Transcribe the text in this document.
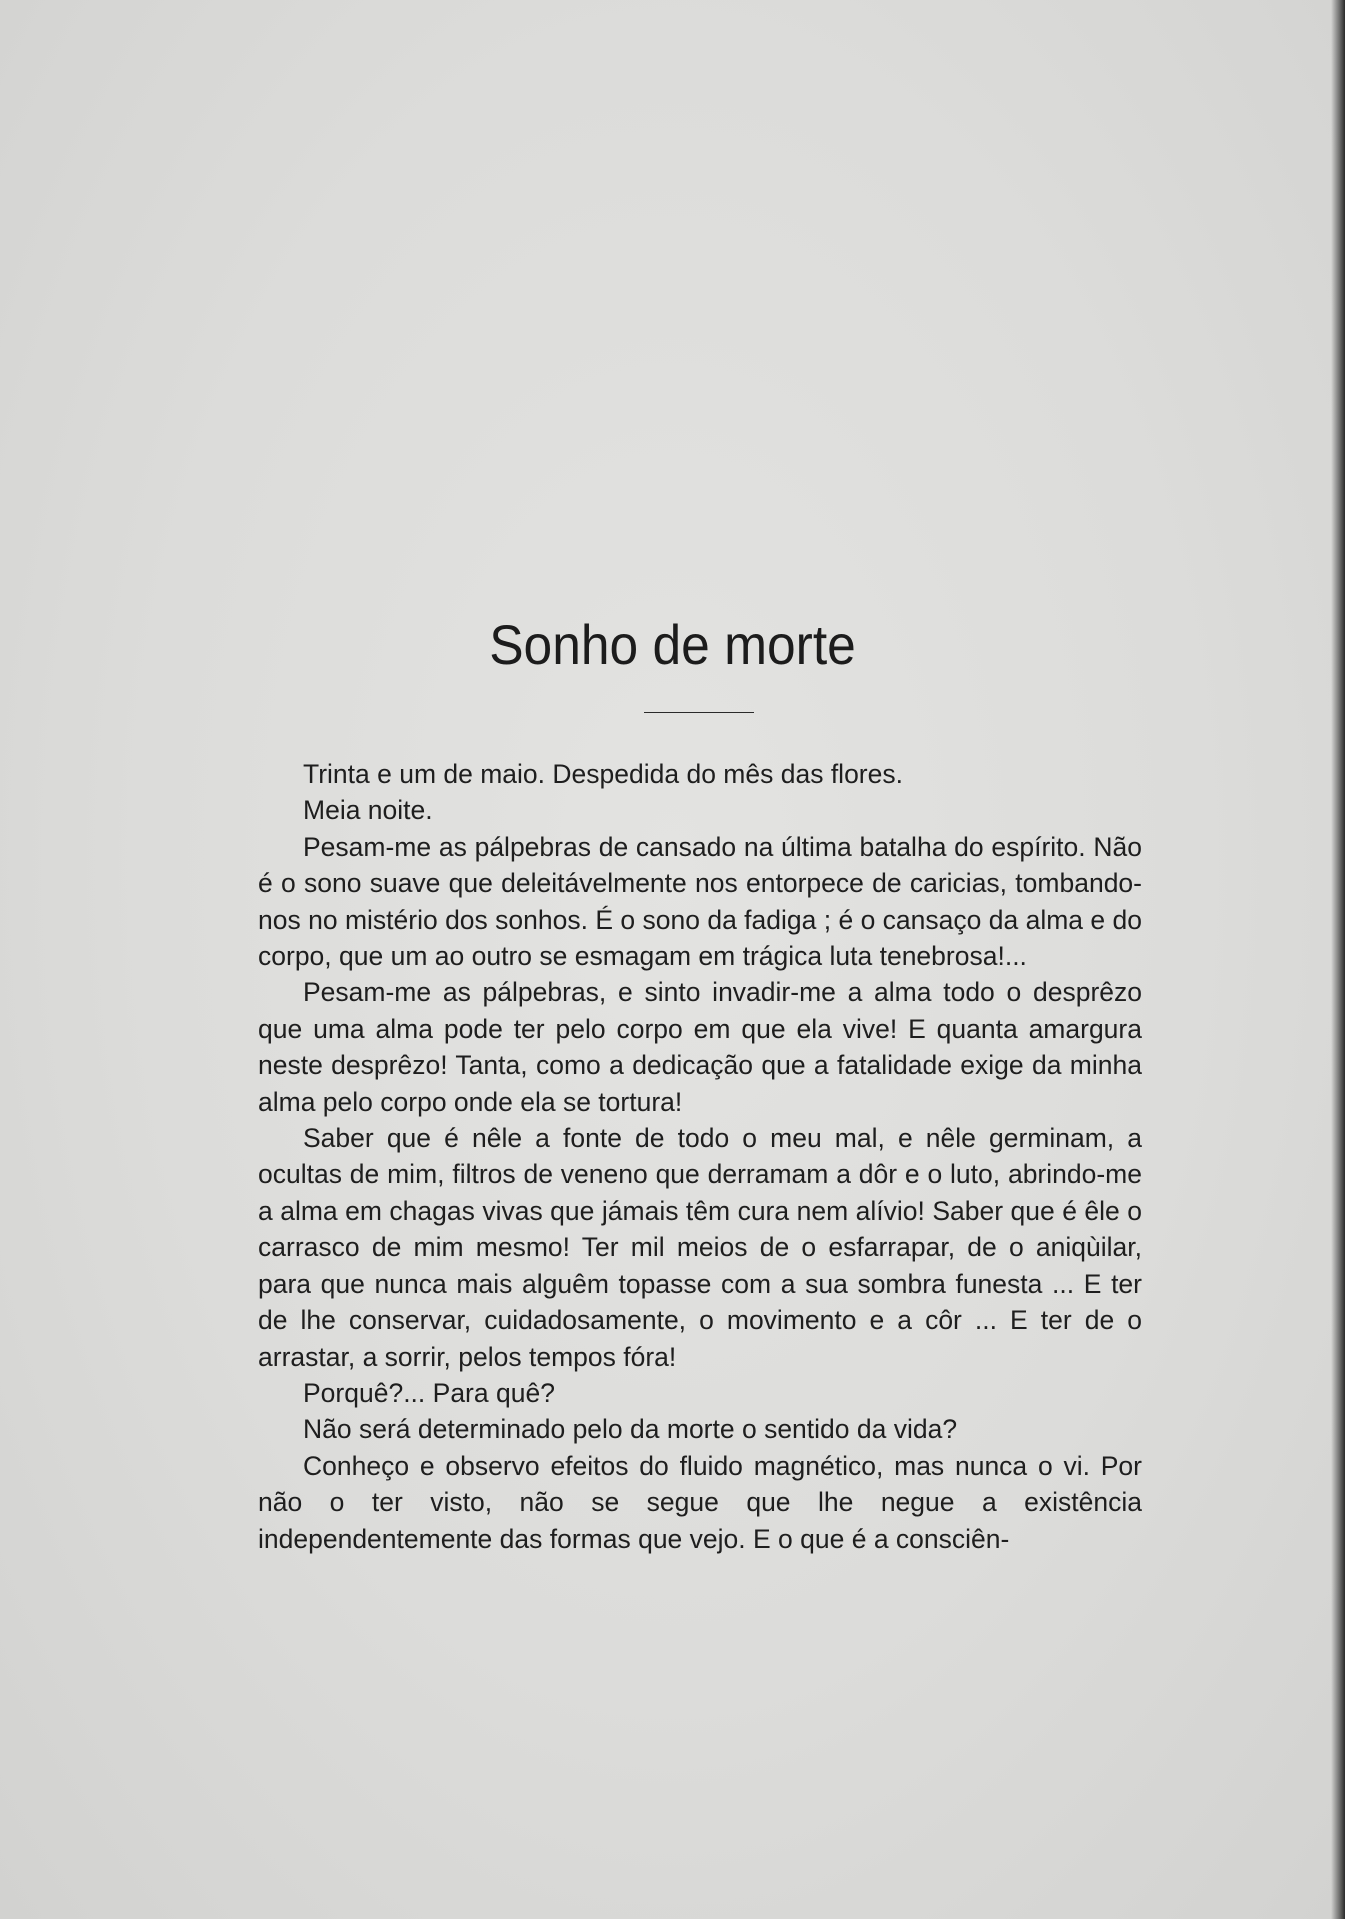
Sonho de morte

Trinta e um de maio. Despedida do mês das flores.

Meia noite.

Pesam-me as pálpebras de cansado na última batalha do espírito. Não é o sono suave que deleitávelmente nos entorpece de caricias, tombando-nos no mistério dos sonhos. É o sono da fadiga ; é o cansaço da alma e do corpo, que um ao outro se esmagam em trágica luta tenebrosa!...

Pesam-me as pálpebras, e sinto invadir-me a alma todo o desprêzo que uma alma pode ter pelo corpo em que ela vive! E quanta amargura neste desprêzo! Tanta, como a dedicação que a fatalidade exige da minha alma pelo corpo onde ela se tortura!

Saber que é nêle a fonte de todo o meu mal, e nêle germinam, a ocultas de mim, filtros de veneno que derramam a dôr e o luto, abrindo-me a alma em chagas vivas que jámais têm cura nem alívio! Saber que é êle o carrasco de mim mesmo! Ter mil meios de o esfarrapar, de o aniqùilar, para que nunca mais alguêm topasse com a sua sombra funesta ... E ter de lhe conservar, cuidadosamente, o movimento e a côr ... E ter de o arrastar, a sorrir, pelos tempos fóra!

Porquê?... Para quê?

Não será determinado pelo da morte o sentido da vida?

Conheço e observo efeitos do fluido magnético, mas nunca o vi. Por não o ter visto, não se segue que lhe negue a existência independentemente das formas que vejo. E o que é a consciên-
